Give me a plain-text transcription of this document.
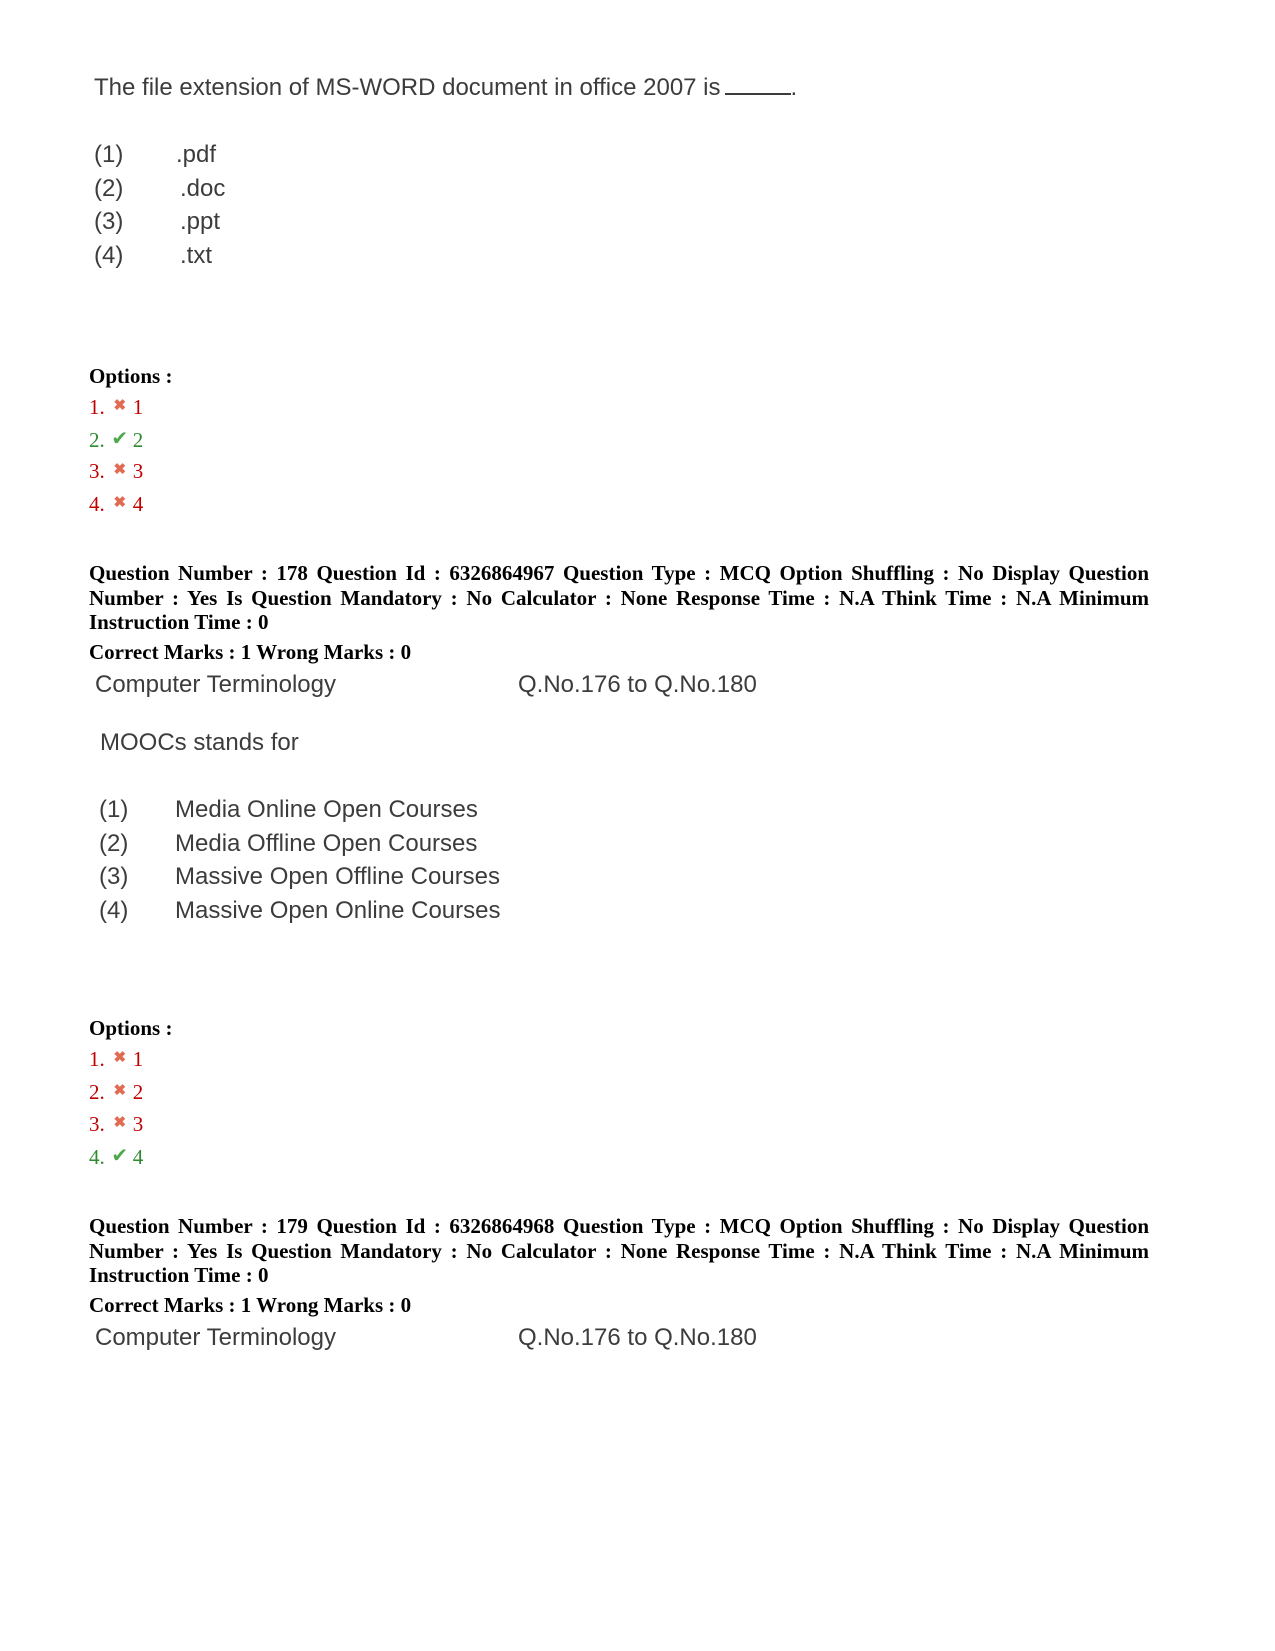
The file extension of MS-WORD document in office 2007 is	.
(1) .pdf
(2) .doc
(3) .ppt
(4) .txt
Options :
1. ✖ 1
2. ✔ 2
3. ✖ 3
4. ✖ 4
Question Number : 178 Question Id : 6326864967 Question Type : MCQ Option Shuffling : No Display Question Number : Yes Is Question Mandatory : No Calculator : None Response Time : N.A Think Time : N.A Minimum Instruction Time : 0
Correct Marks : 1 Wrong Marks : 0
Computer Terminology	Q.No.176 to Q.No.180
MOOCs stands for
(1) Media Online Open Courses
(2) Media Offline Open Courses
(3) Massive Open Offline Courses
(4) Massive Open Online Courses
Options :
1. ✖ 1
2. ✖ 2
3. ✖ 3
4. ✔ 4
Question Number : 179 Question Id : 6326864968 Question Type : MCQ Option Shuffling : No Display Question Number : Yes Is Question Mandatory : No Calculator : None Response Time : N.A Think Time : N.A Minimum Instruction Time : 0
Correct Marks : 1 Wrong Marks : 0
Computer Terminology	Q.No.176 to Q.No.180
